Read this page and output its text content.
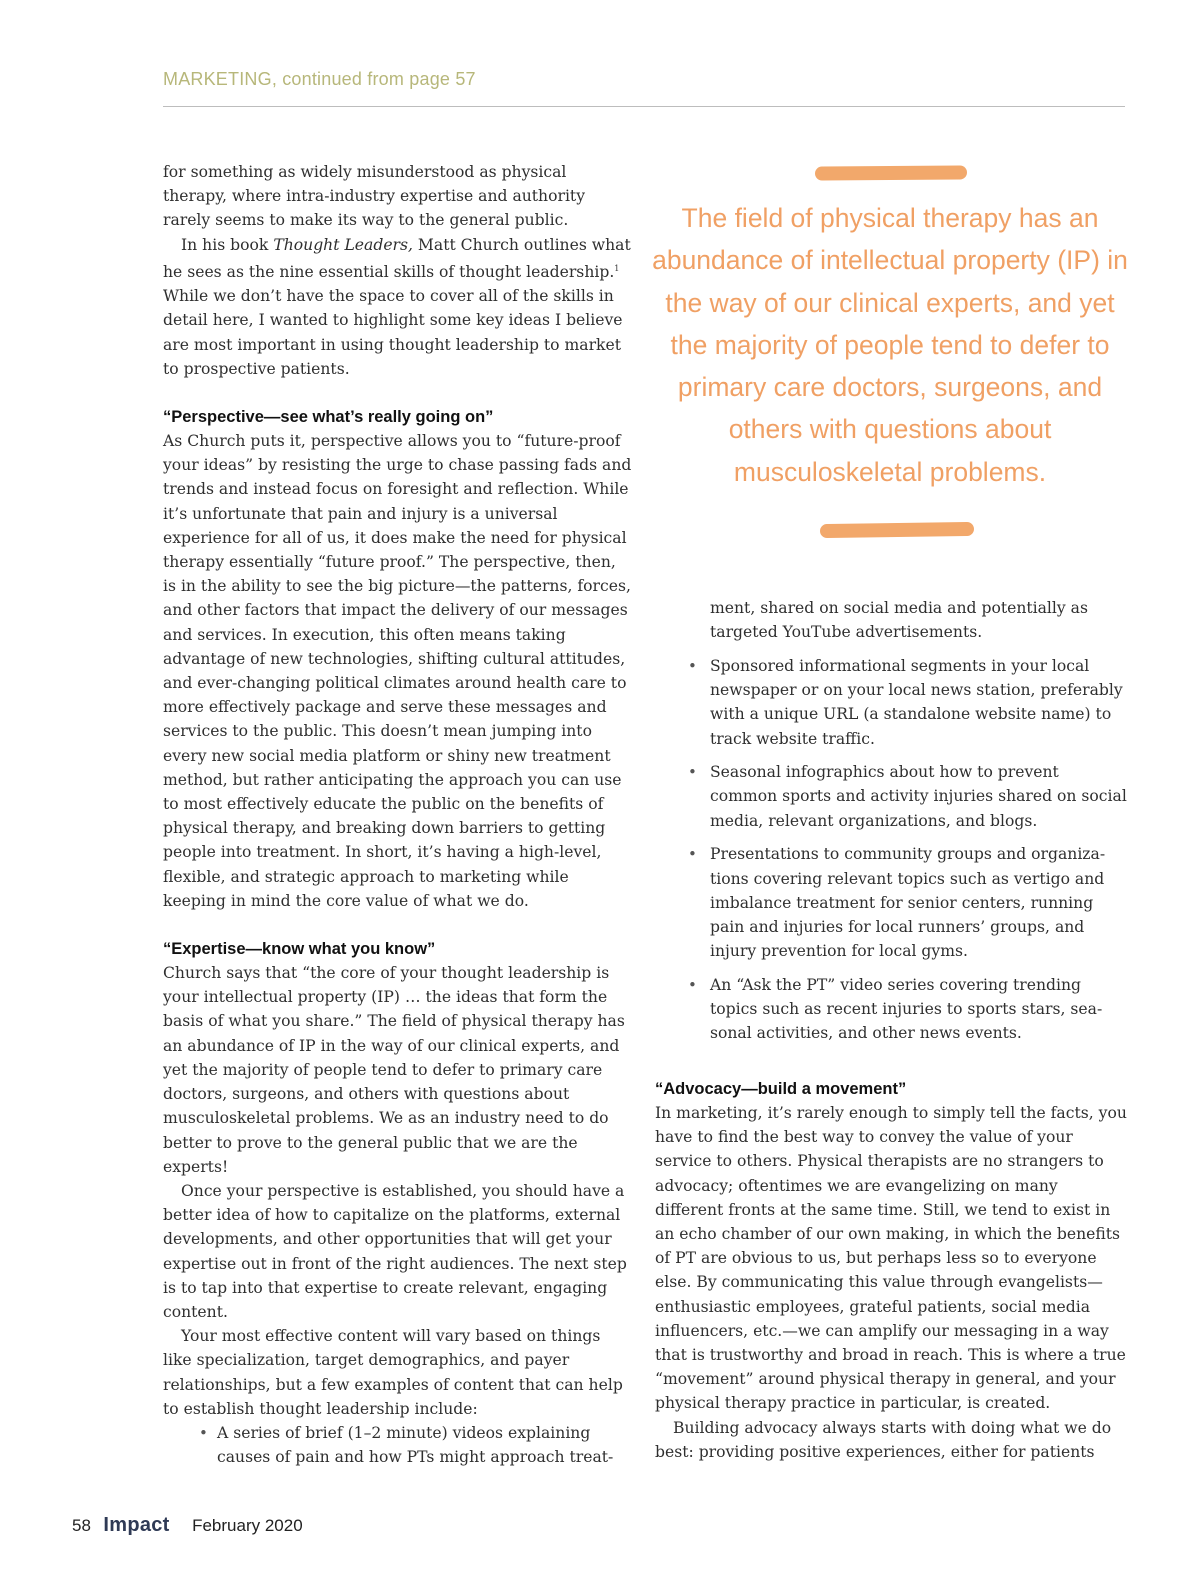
MARKETING, continued from page 57

for something as widely misunderstood as physical therapy, where intra-industry expertise and authority rarely seems to make its way to the general public.

In his book Thought Leaders, Matt Church outlines what he sees as the nine essential skills of thought leadership.$^1$ While we don’t have the space to cover all of the skills in detail here, I wanted to highlight some key ideas I believe are most important in using thought leadership to market to prospective patients.

“Perspective—see what’s really going on”

As Church puts it, perspective allows you to “future-proof your ideas” by resisting the urge to chase passing fads and trends and instead focus on foresight and reflection. While it’s unfortunate that pain and injury is a universal experience for all of us, it does make the need for physical therapy essentially “future proof.” The perspective, then, is in the ability to see the big picture—the patterns, forces, and other factors that impact the delivery of our messages and services. In execution, this often means taking advantage of new technologies, shifting cultural attitudes, and ever-changing political climates around health care to more effectively package and serve these messages and services to the public. This doesn’t mean jumping into every new social media platform or shiny new treatment method, but rather anticipating the approach you can use to most effectively educate the public on the benefits of physical therapy, and breaking down barriers to getting people into treatment. In short, it’s having a high-level, flexible, and strategic approach to marketing while keeping in mind the core value of what we do.

“Expertise—know what you know”

Church says that “the core of your thought leadership is your intellectual property (IP) … the ideas that form the basis of what you share.” The field of physical therapy has an abundance of IP in the way of our clinical experts, and yet the majority of people tend to defer to primary care doctors, surgeons, and others with questions about musculoskeletal problems. We as an industry need to do better to prove to the general public that we are the experts!

Once your perspective is established, you should have a better idea of how to capitalize on the platforms, external developments, and other opportunities that will get your expertise out in front of the right audiences. The next step is to tap into that expertise to create relevant, engaging content.

Your most effective content will vary based on things like specialization, target demographics, and payer relationships, but a few examples of content that can help to establish thought leadership include:

• A series of brief (1–2 minute) videos explaining causes of pain and how PTs might approach treat-
The field of physical therapy has an abundance of intellectual property (IP) in the way of our clinical experts, and yet the majority of people tend to defer to primary care doctors, surgeons, and others with questions about musculoskeletal problems.

ment, shared on social media and potentially as targeted YouTube advertisements.

• Sponsored informational segments in your local newspaper or on your local news station, preferably with a unique URL (a standalone website name) to track website traffic.
• Seasonal infographics about how to prevent common sports and activity injuries shared on social media, relevant organizations, and blogs.
• Presentations to community groups and organizations covering relevant topics such as vertigo and imbalance treatment for senior centers, running pain and injuries for local runners’ groups, and injury prevention for local gyms.
• An “Ask the PT” video series covering trending topics such as recent injuries to sports stars, seasonal activities, and other news events.

“Advocacy—build a movement”

In marketing, it’s rarely enough to simply tell the facts, you have to find the best way to convey the value of your service to others. Physical therapists are no strangers to advocacy; oftentimes we are evangelizing on many different fronts at the same time. Still, we tend to exist in an echo chamber of our own making, in which the benefits of PT are obvious to us, but perhaps less so to everyone else. By communicating this value through evangelists—enthusiastic employees, grateful patients, social media influencers, etc.—we can amplify our messaging in a way that is trustworthy and broad in reach. This is where a true “movement” around physical therapy in general, and your physical therapy practice in particular, is created.

Building advocacy always starts with doing what we do best: providing positive experiences, either for patients

58 Impact February 2020
